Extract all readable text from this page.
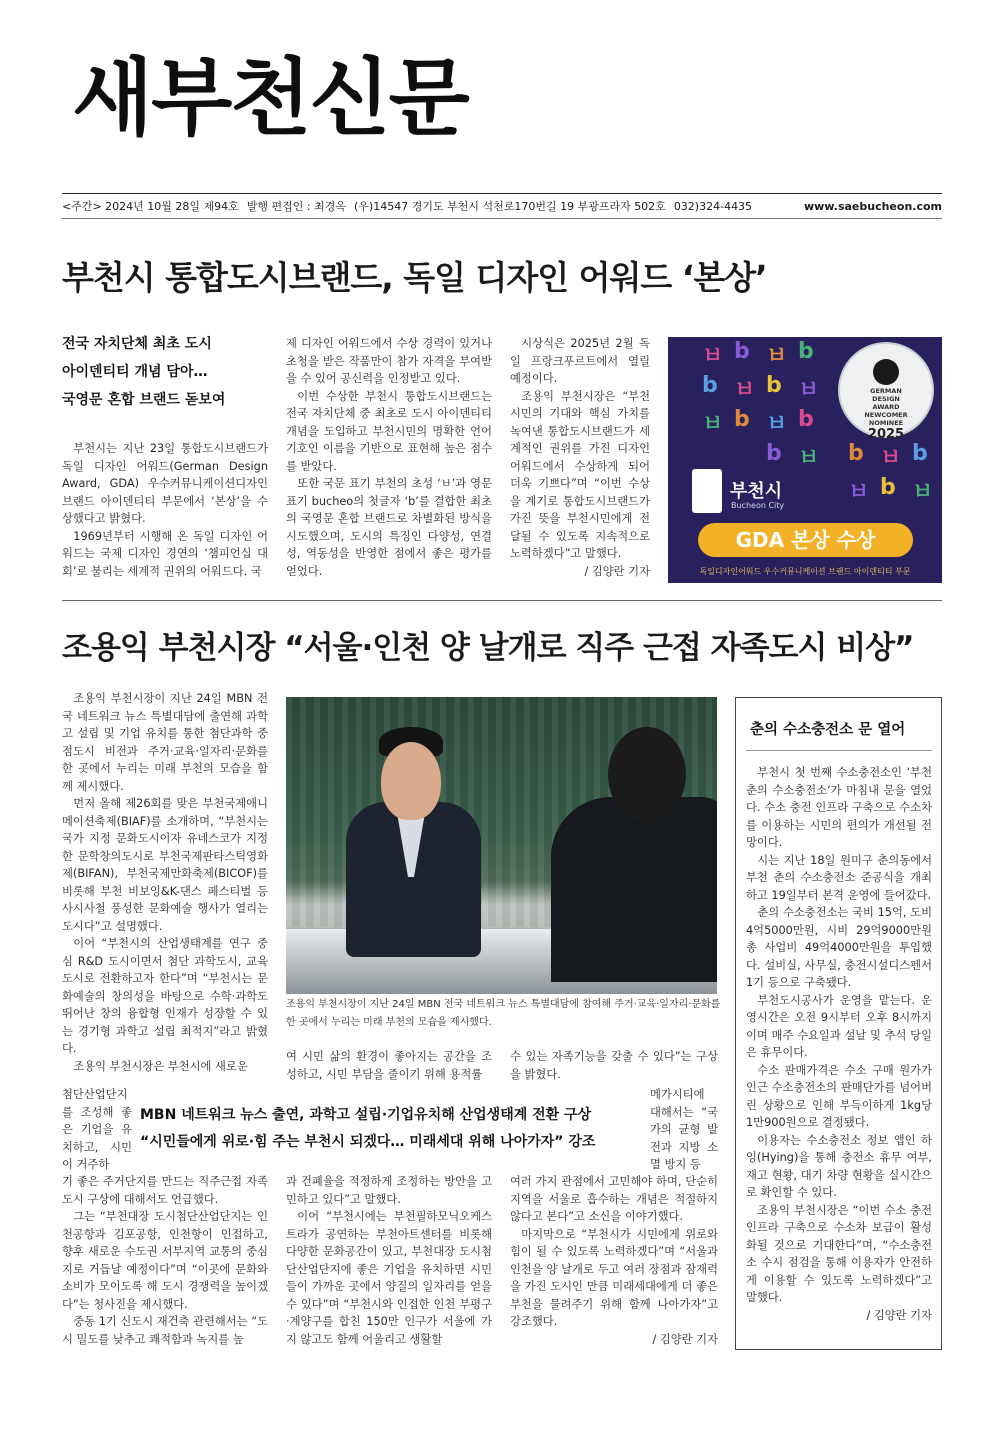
새부천신문
<주간> 2024년 10월 28일 제94호 발행 편집인 : 최경옥 (우)14547 경기도 부천시 석천로170번길 19 부광프라자 502호 032)324-4435	www.saebucheon.com
부천시 통합도시브랜드, 독일 디자인 어워드 ‘본상’
전국 자치단체 최초 도시
아이덴티티 개념 담아…
국영문 혼합 브랜드 돋보여

부천시는 지난 23일 통합도시브랜드가 독일 디자인 어워드(German Design Award, GDA) 우수커뮤니케이션디자인 브랜드 아이덴티티 부문에서 ‘본상’을 수상했다고 밝혔다.

1969년부터 시행해 온 독일 디자인 어워드는 국제 디자인 경연의 ‘챔피언십 대회’로 불리는 세계적 권위의 어워드다. 국

제 디자인 어워드에서 수상 경력이 있거나 초청을 받은 작품만이 참가 자격을 부여받을 수 있어 공신력을 인정받고 있다.

이번 수상한 부천시 통합도시브랜드는 전국 자치단체 중 최초로 도시 아이덴티티 개념을 도입하고 부천시민의 명확한 언어 기호인 이름을 기반으로 표현해 높은 점수를 받았다.

또한 국문 표기 부천의 초성 ‘ㅂ’과 영문표기 bucheo의 첫글자 ‘b’를 결합한 최초의 국영문 혼합 브랜드로 차별화된 방식을 시도했으며, 도시의 특징인 다양성, 연결성, 역동성을 반영한 점에서 좋은 평가를 얻었다.

시상식은 2025년 2월 독일 프랑크푸르트에서 열릴 예정이다.

조용익 부천시장은 “부천 시민의 기대와 핵심 가치를 녹여낸 통합도시브랜드가 세계적인 권위를 가진 디자인 어워드에서 수상하게 되어 더욱 기쁘다”며 “이번 수상을 계기로 통합도시브랜드가 가진 뜻을 부천시민에게 전달될 수 있도록 지속적으로 노력하겠다”고 말했다.

/ 김양란 기자
ㅂ b ㅂ b
b ㅂ b ㅂ
ㅂ b ㅂ b
b ㅂ b ㅂ b
ㅂ b ㅂ
GERMAN
DESIGN
AWARD
NEWCOMER
NOMINEE
2025
부천시
Bucheon City
GDA 본상 수상
독일디자인어워드 우수커뮤니케이션 브랜드 아이덴티티 부문
조용익 부천시장 “서울·인천 양 날개로 직주 근접 자족도시 비상”

조용익 부천시장이 지난 24일 MBN 전국 네트워크 뉴스 특별대담에 출연해 과학고 설립 및 기업 유치를 통한 첨단과학 중점도시 비전과 주거·교육·일자리·문화를 한 곳에서 누리는 미래 부천의 모습을 함께 제시했다.

먼저 올해 제26회를 맞은 부천국제애니메이션축제(BIAF)를 소개하며, “부천시는 국가 지정 문화도시이자 유네스코가 지정한 문학창의도시로 부천국제판타스틱영화제(BIFAN), 부천국제만화축제(BICOF)를 비롯해 부천 비보잉&K-댄스 페스티벌 등 사시사철 풍성한 문화예술 행사가 열리는 도시다”고 설명했다.

이어 “부천시의 산업생태계를 연구 중심 R&D 도시이면서 첨단 과학도시, 교육 도시로 전환하고자 한다”며 “부천시는 문화예술의 창의성을 바탕으로 수학·과학도 뛰어난 창의 융합형 인재가 성장할 수 있는 경기형 과학고 설립 최적지”라고 밝혔다.

조용익 부천시장은 부천시에 새로운

첨단산업단지를 조성해 좋은 기업을 유치하고, 시민이 거주하

기 좋은 주거단지를 만드는 직주근접 자족도시 구상에 대해서도 언급했다.

그는 “부천대장 도시첨단산업단지는 인천공항과 김포공항, 인천항이 인접하고, 향후 새로운 수도권 서부지역 교통의 중심지로 거듭날 예정이다”며 “이곳에 문화와 소비가 모이도록 해 도시 경쟁력을 높이겠다”는 청사진을 제시했다.

중동 1기 신도시 재건축 관련해서는 “도시 밀도를 낮추고 쾌적함과 녹지를 높

조용익 부천시장이 지난 24일 MBN 전국 네트워크 뉴스 특별대담에 참여해 주거·교육·일자리·문화를 한 곳에서 누리는 미래 부천의 모습을 제시했다.

여 시민 삶의 환경이 좋아지는 공간을 조성하고, 시민 부담을 줄이기 위해 용적률

수 있는 자족기능을 갖출 수 있다”는 구상을 밝혔다.

MBN 네트워크 뉴스 출연, 과학고 설립·기업유치해 산업생태계 전환 구상
“시민들에게 위로·힘 주는 부천시 되겠다… 미래세대 위해 나아가자” 강조

메가시티에 대해서는 “국가의 균형 발전과 지방 소멸 방지 등

과 건폐율을 적정하게 조정하는 방안을 고민하고 있다”고 말했다.

이어 “부천시에는 부천필하모닉오케스트라가 공연하는 부천아트센터를 비롯해 다양한 문화공간이 있고, 부천대장 도시첨단산업단지에 좋은 기업을 유치하면 시민들이 가까운 곳에서 양질의 일자리를 얻을 수 있다”며 “부천시와 인접한 인천 부평구·계양구를 합친 150만 인구가 서울에 가지 않고도 함께 어울리고 생활할

여러 가지 관점에서 고민해야 하며, 단순히 지역을 서울로 흡수하는 개념은 적절하지 않다고 본다”고 소신을 이야기했다.

마지막으로 “부천시가 시민에게 위로와 힘이 될 수 있도록 노력하겠다”며 “서울과 인천을 양 날개로 두고 여러 장점과 잠재력을 가진 도시인 만큼 미래세대에게 더 좋은 부천을 물려주기 위해 함께 나아가자”고 강조했다.

/ 김양란 기자
춘의 수소충전소 문 열어

부천시 첫 번째 수소충전소인 ‘부천 춘의 수소충전소’가 마침내 문을 열었다. 수소 충전 인프라 구축으로 수소차를 이용하는 시민의 편의가 개선될 전망이다.

시는 지난 18일 원미구 춘의동에서 부천 춘의 수소충전소 준공식을 개최하고 19일부터 본격 운영에 들어갔다.

춘의 수소충전소는 국비 15억, 도비 4억5000만원, 시비 29억9000만원 총 사업비 49억4000만원을 투입했다. 설비실, 사무실, 충전시설디스펜서 1기 등으로 구축됐다.

부천도시공사가 운영을 맡는다. 운영시간은 오전 9시부터 오후 8시까지이며 매주 수요일과 설날 및 추석 당일은 휴무이다.

수소 판매가격은 수소 구매 원가가 인근 수소충전소의 판매단가를 넘어버린 상황으로 인해 부득이하게 1kg당 1만900원으로 결정됐다.

이용자는 수소충전소 정보 앱인 하잉(Hying)을 통해 충전소 휴무 여부, 재고 현황, 대기 차량 현황을 실시간으로 확인할 수 있다.

조용익 부천시장은 “이번 수소 충전 인프라 구축으로 수소차 보급이 활성화될 것으로 기대한다”며, “수소충전소 수시 점검을 통해 이용자가 안전하게 이용할 수 있도록 노력하겠다”고 말했다.

/ 김양란 기자
